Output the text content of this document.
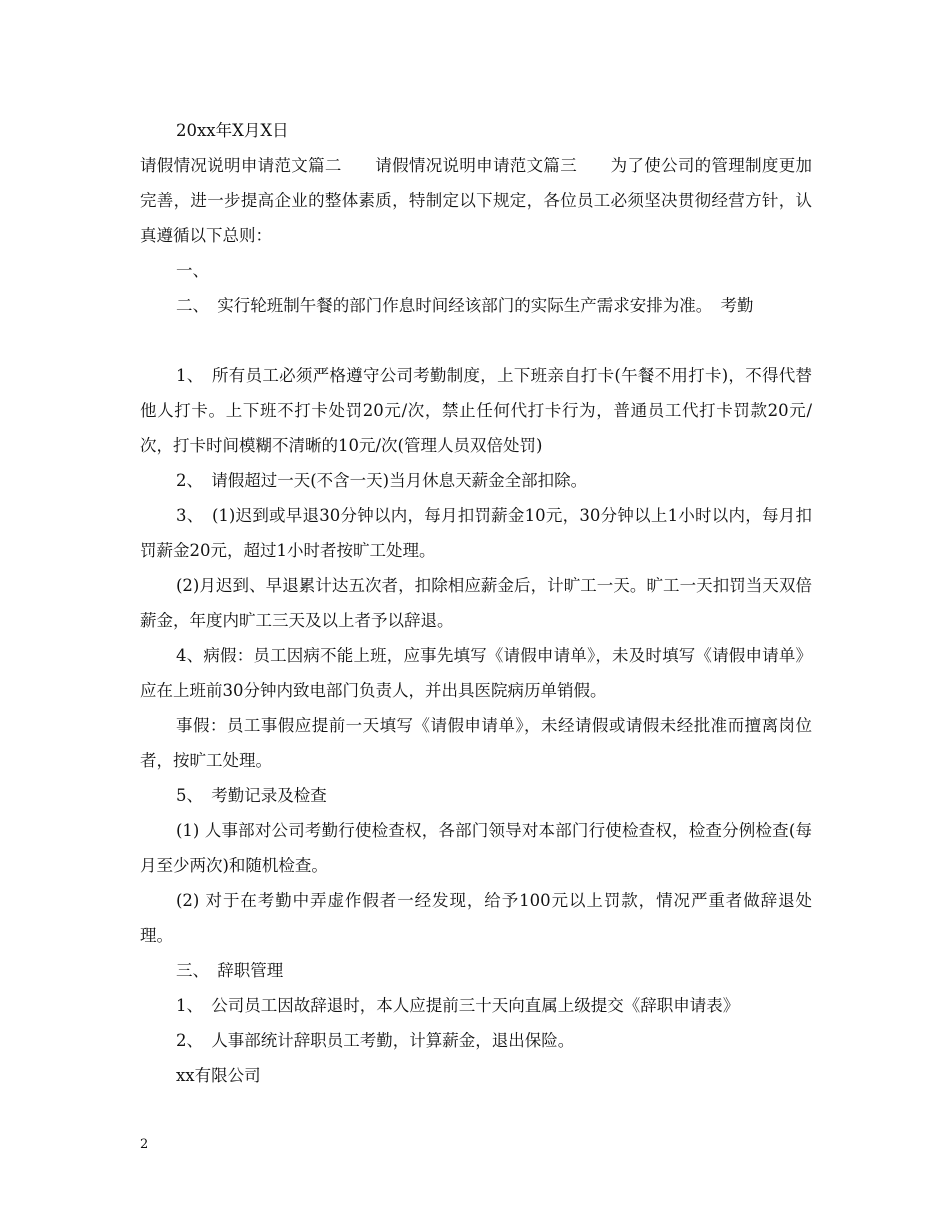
20xx年X月X日

请假情况说明申请范文篇二　　请假情况说明申请范文篇三　　为了使公司的管理制度更加完善，进一步提高企业的整体素质，特制定以下规定，各位员工必须坚决贯彻经营方针，认真遵循以下总则：

一、

二、　实行轮班制午餐的部门作息时间经该部门的实际生产需求安排为准。　考勤

1、　所有员工必须严格遵守公司考勤制度，上下班亲自打卡(午餐不用打卡)，不得代替他人打卡。上下班不打卡处罚20元/次，禁止任何代打卡行为，普通员工代打卡罚款20元/次，打卡时间模糊不清晰的10元/次(管理人员双倍处罚)

2、　请假超过一天(不含一天)当月休息天薪金全部扣除。

3、　(1)迟到或早退30分钟以内，每月扣罚薪金10元，30分钟以上1小时以内，每月扣罚薪金20元，超过1小时者按旷工处理。

(2)月迟到、早退累计达五次者，扣除相应薪金后，计旷工一天。旷工一天扣罚当天双倍薪金，年度内旷工三天及以上者予以辞退。

4、病假：员工因病不能上班，应事先填写《请假申请单》，未及时填写《请假申请单》应在上班前30分钟内致电部门负责人，并出具医院病历单销假。

事假：员工事假应提前一天填写《请假申请单》，未经请假或请假未经批准而擅离岗位者，按旷工处理。

5、　考勤记录及检查

(1) 人事部对公司考勤行使检查权，各部门领导对本部门行使检查权，检查分例检查(每月至少两次)和随机检查。

(2) 对于在考勤中弄虚作假者一经发现，给予100元以上罚款，情况严重者做辞退处理。

三、　辞职管理

1、　公司员工因故辞退时，本人应提前三十天向直属上级提交《辞职申请表》

2、　人事部统计辞职员工考勤，计算薪金，退出保险。

xx有限公司

2
